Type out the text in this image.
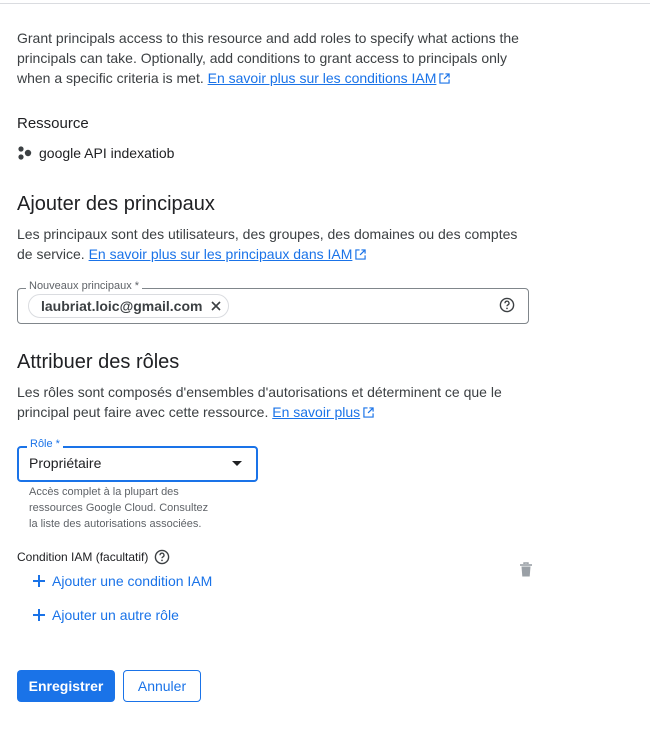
Grant principals access to this resource and add roles to specify what actions the principals can take. Optionally, add conditions to grant access to principals only when a specific criteria is met. En savoir plus sur les conditions IAM
Ressource
google API indexatiob
Ajouter des principaux
Les principaux sont des utilisateurs, des groupes, des domaines ou des comptes de service. En savoir plus sur les principaux dans IAM
Nouveaux principaux *
laubriat.loic@gmail.com
Attribuer des rôles
Les rôles sont composés d'ensembles d'autorisations et déterminent ce que le principal peut faire avec cette ressource. En savoir plus
Rôle *
Propriétaire
Accès complet à la plupart des ressources Google Cloud. Consultez la liste des autorisations associées.
Condition IAM (facultatif)
Ajouter une condition IAM
Ajouter un autre rôle
Enregistrer	Annuler
